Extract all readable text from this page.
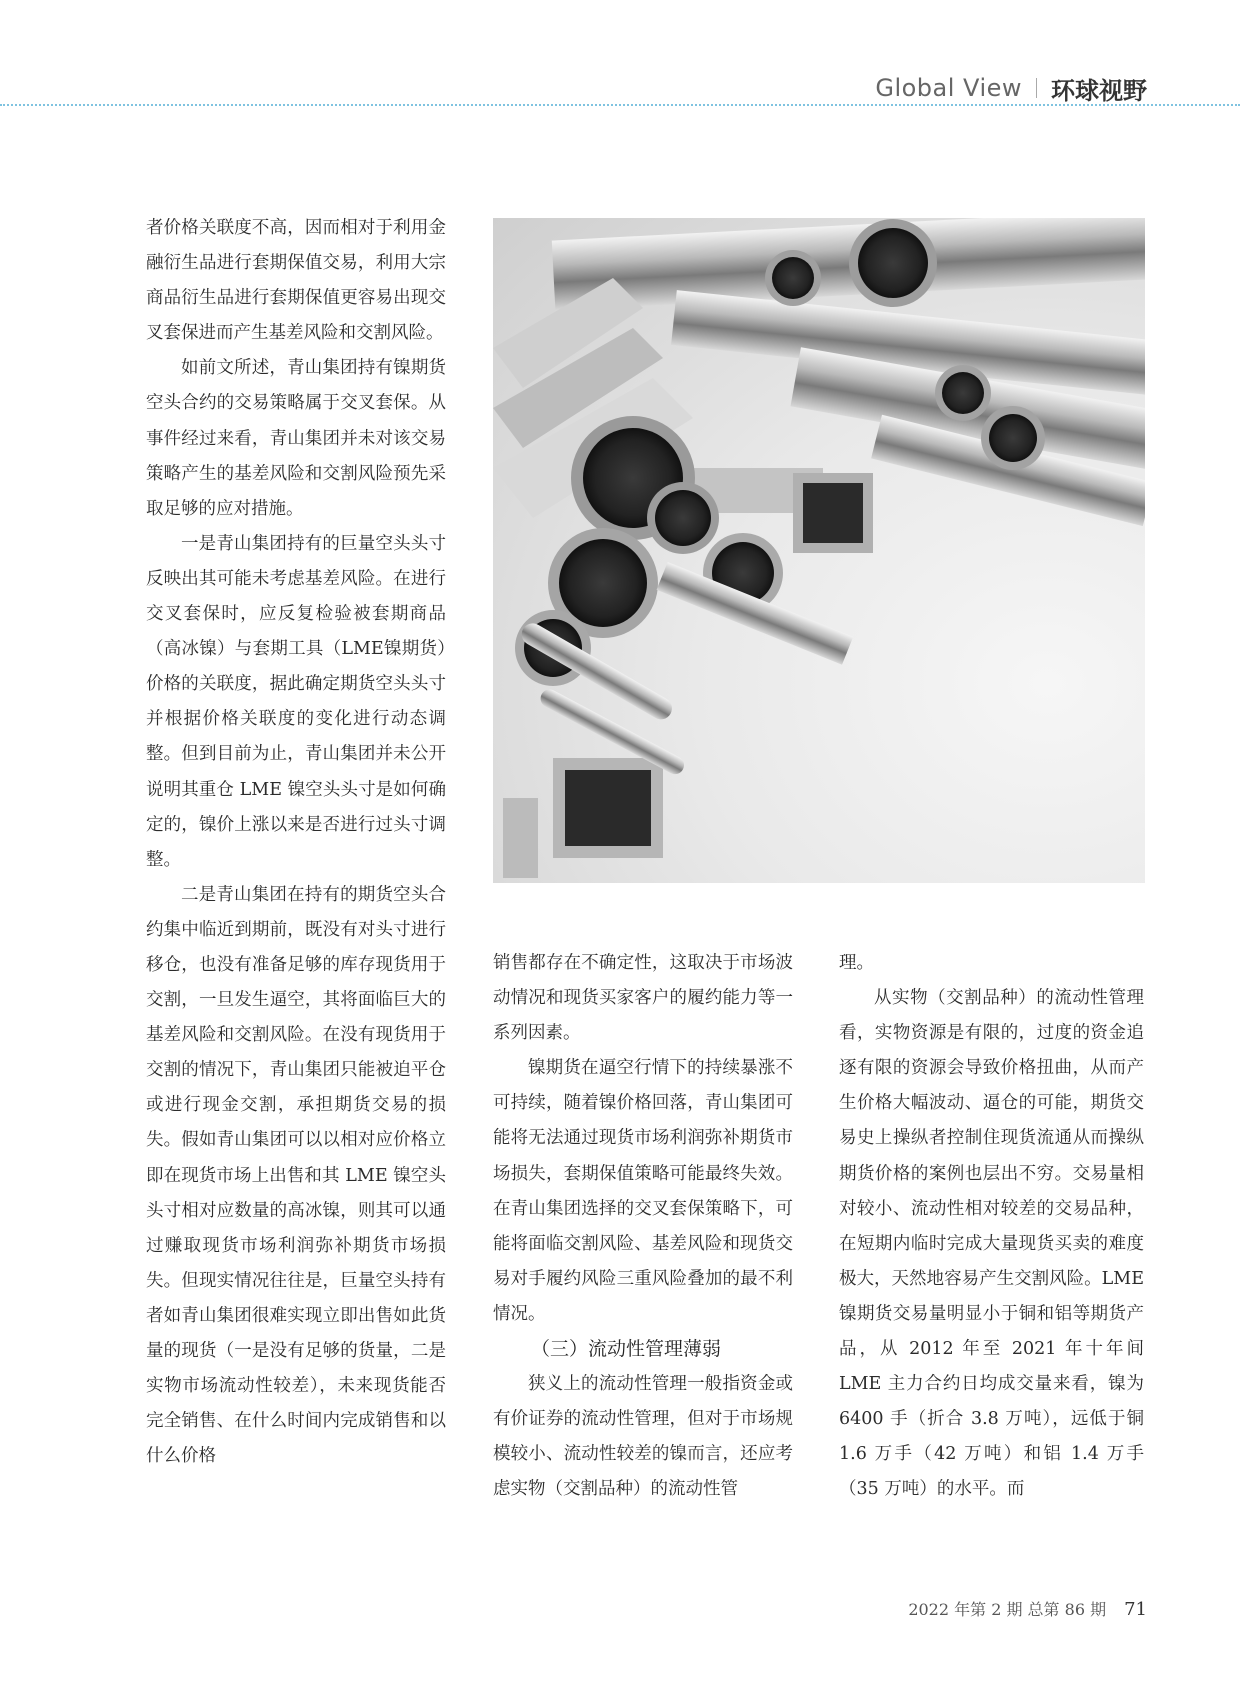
Global View 环球视野

者价格关联度不高，因而相对于利用金融衍生品进行套期保值交易，利用大宗商品衍生品进行套期保值更容易出现交叉套保进而产生基差风险和交割风险。

如前文所述，青山集团持有镍期货空头合约的交易策略属于交叉套保。从事件经过来看，青山集团并未对该交易策略产生的基差风险和交割风险预先采取足够的应对措施。

一是青山集团持有的巨量空头头寸反映出其可能未考虑基差风险。在进行交叉套保时，应反复检验被套期商品（高冰镍）与套期工具（LME镍期货）价格的关联度，据此确定期货空头头寸并根据价格关联度的变化进行动态调整。但到目前为止，青山集团并未公开说明其重仓 LME 镍空头头寸是如何确定的，镍价上涨以来是否进行过头寸调整。

二是青山集团在持有的期货空头合约集中临近到期前，既没有对头寸进行移仓，也没有准备足够的库存现货用于交割，一旦发生逼空，其将面临巨大的基差风险和交割风险。在没有现货用于交割的情况下，青山集团只能被迫平仓或进行现金交割，承担期货交易的损失。假如青山集团可以以相对应价格立即在现货市场上出售和其 LME 镍空头头寸相对应数量的高冰镍，则其可以通过赚取现货市场利润弥补期货市场损失。但现实情况往往是，巨量空头持有者如青山集团很难实现立即出售如此货量的现货（一是没有足够的货量，二是实物市场流动性较差），未来现货能否完全销售、在什么时间内完成销售和以什么价格

销售都存在不确定性，这取决于市场波动情况和现货买家客户的履约能力等一系列因素。

镍期货在逼空行情下的持续暴涨不可持续，随着镍价格回落，青山集团可能将无法通过现货市场利润弥补期货市场损失，套期保值策略可能最终失效。在青山集团选择的交叉套保策略下，可能将面临交割风险、基差风险和现货交易对手履约风险三重风险叠加的最不利情况。

（三）流动性管理薄弱

狭义上的流动性管理一般指资金或有价证券的流动性管理，但对于市场规模较小、流动性较差的镍而言，还应考虑实物（交割品种）的流动性管

理。

从实物（交割品种）的流动性管理看，实物资源是有限的，过度的资金追逐有限的资源会导致价格扭曲，从而产生价格大幅波动、逼仓的可能，期货交易史上操纵者控制住现货流通从而操纵期货价格的案例也层出不穷。交易量相对较小、流动性相对较差的交易品种，在短期内临时完成大量现货买卖的难度极大，天然地容易产生交割风险。LME 镍期货交易量明显小于铜和铝等期货产品，从 2012 年至 2021 年十年间 LME 主力合约日均成交量来看，镍为 6400 手（折合 3.8 万吨），远低于铜 1.6 万手（42 万吨）和铝 1.4 万手（35 万吨）的水平。而

2022 年第 2 期 总第 86 期 71
